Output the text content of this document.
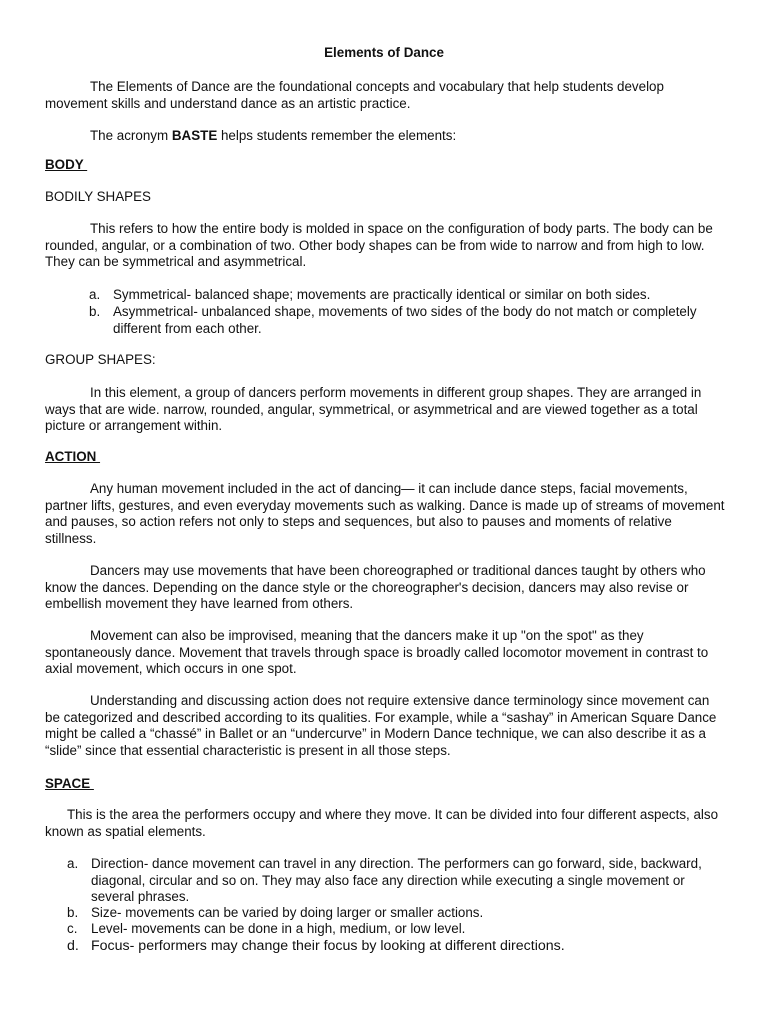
Elements of Dance

The Elements of Dance are the foundational concepts and vocabulary that help students develop movement skills and understand dance as an artistic practice.

The acronym BASTE helps students remember the elements:

BODY

BODILY SHAPES

This refers to how the entire body is molded in space on the configuration of body parts. The body can be rounded, angular, or a combination of two. Other body shapes can be from wide to narrow and from high to low. They can be symmetrical and asymmetrical.

a. Symmetrical- balanced shape; movements are practically identical or similar on both sides.
b. Asymmetrical- unbalanced shape, movements of two sides of the body do not match or completely different from each other.

GROUP SHAPES:

In this element, a group of dancers perform movements in different group shapes. They are arranged in ways that are wide. narrow, rounded, angular, symmetrical, or asymmetrical and are viewed together as a total picture or arrangement within.

ACTION

Any human movement included in the act of dancing— it can include dance steps, facial movements, partner lifts, gestures, and even everyday movements such as walking. Dance is made up of streams of movement and pauses, so action refers not only to steps and sequences, but also to pauses and moments of relative stillness.

Dancers may use movements that have been choreographed or traditional dances taught by others who know the dances. Depending on the dance style or the choreographer's decision, dancers may also revise or embellish movement they have learned from others.

Movement can also be improvised, meaning that the dancers make it up "on the spot" as they spontaneously dance. Movement that travels through space is broadly called locomotor movement in contrast to axial movement, which occurs in one spot.

Understanding and discussing action does not require extensive dance terminology since movement can be categorized and described according to its qualities. For example, while a “sashay” in American Square Dance might be called a “chassé” in Ballet or an “undercurve” in Modern Dance technique, we can also describe it as a “slide” since that essential characteristic is present in all those steps.

SPACE

This is the area the performers occupy and where they move. It can be divided into four different aspects, also known as spatial elements.

a. Direction- dance movement can travel in any direction. The performers can go forward, side, backward, diagonal, circular and so on. They may also face any direction while executing a single movement or several phrases.
b. Size- movements can be varied by doing larger or smaller actions.
c. Level- movements can be done in a high, medium, or low level.
d. Focus- performers may change their focus by looking at different directions.
